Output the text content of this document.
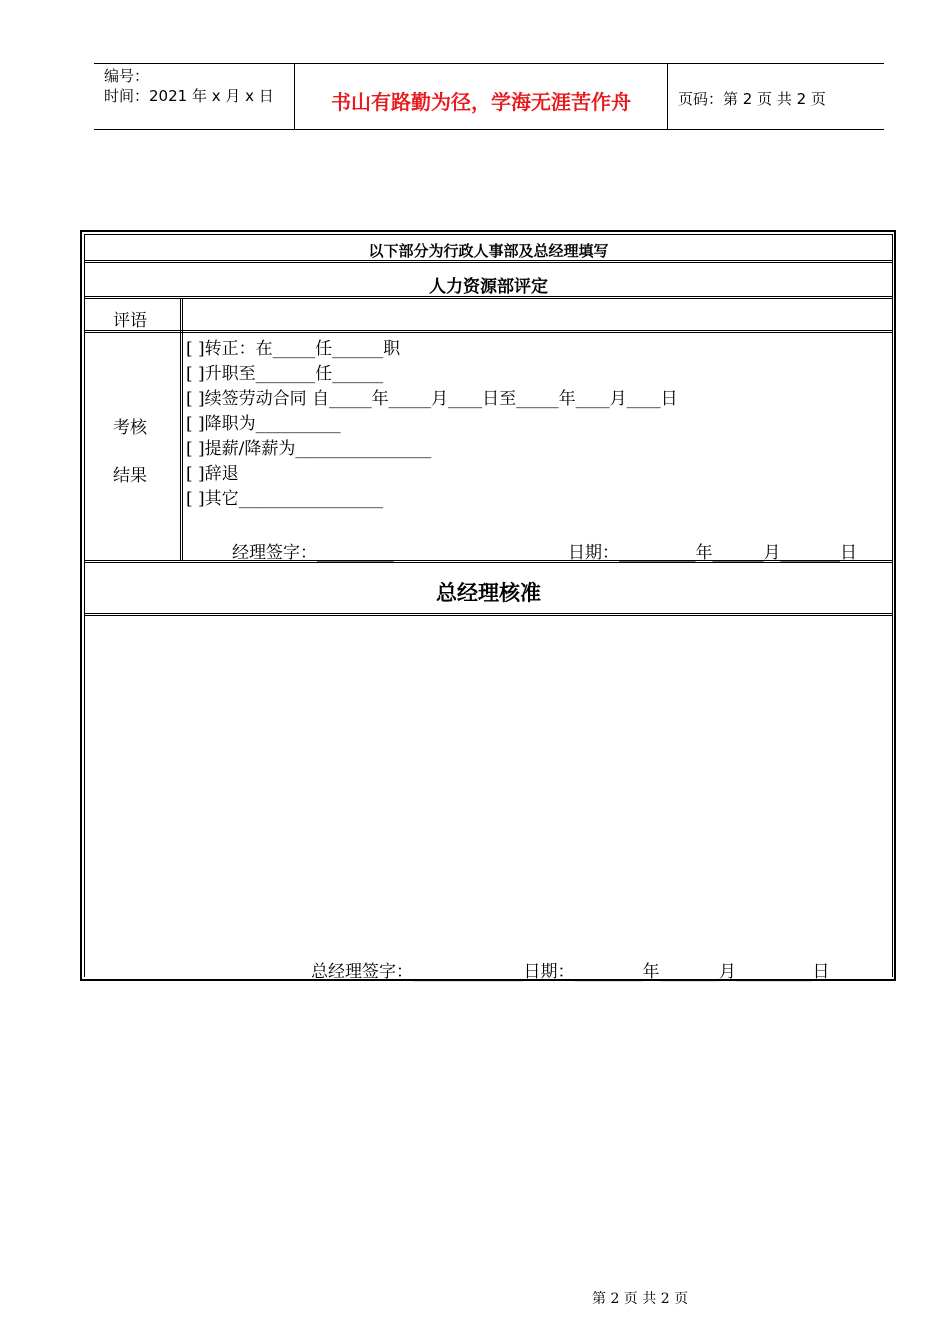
编号：
时间：2021 年 x 月 x 日	书山有路勤为径，学海无涯苦作舟	页码：第 2 页 共 2 页
以下部分为行政人事部及总经理填写
人力资源部评定
评语
考核
结果
[ ]转正：在_____任______职
[ ]升职至_______任______
[ ]续签劳动合同 自_____年_____月____日至_____年____月____日
[ ]降职为__________
[ ]提薪/降薪为________________
[ ]辞退
[ ]其它_________________
经理签字：_________	日期：_________年______月_______日
总经理核准
总经理签字：_____________日期：________年_______月_________日
第 2 页 共 2 页
